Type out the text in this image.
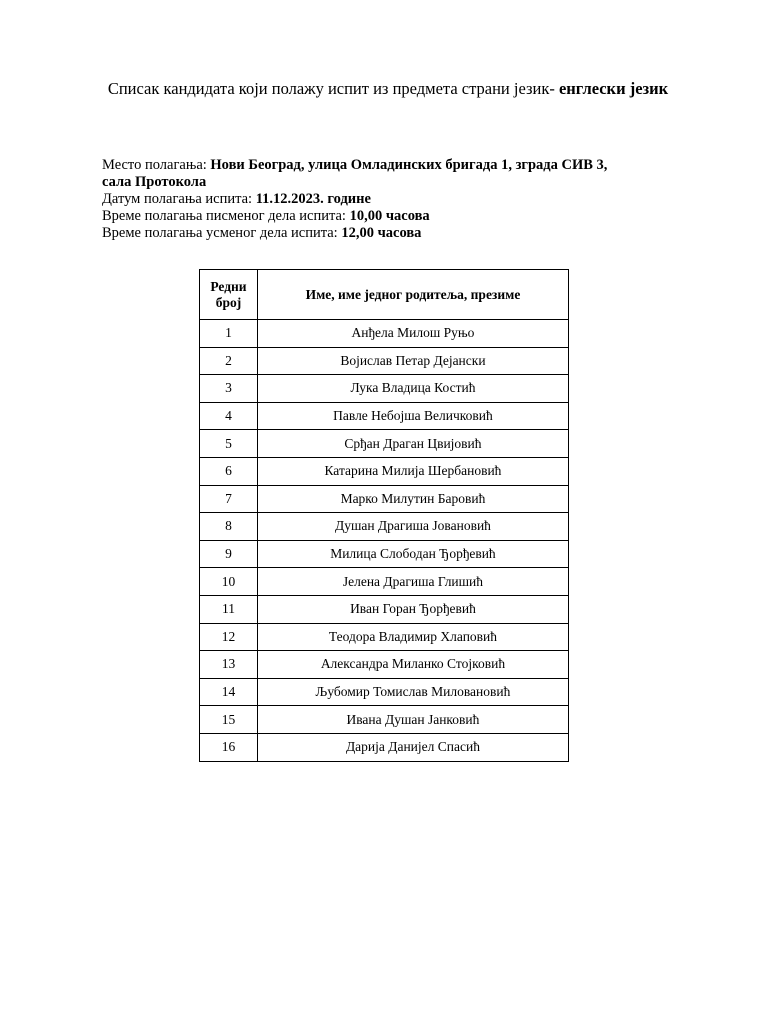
Списак кандидата који полажу испит из предмета страни језик- енглески језик
Место полагања: Нови Београд, улица Омладинских бригада 1, зграда СИВ 3,
сала Протокола
Датум полагања испита: 11.12.2023. године
Време полагања писменог дела испита: 10,00 часова
Време полагања усменог дела испита: 12,00 часова
Редни
број	Име, име једног родитеља, презиме
1	Анђела Милош Руњо
2	Војислав Петар Дејански
3	Лука Владица Костић
4	Павле Небојша Величковић
5	Срђан Драган Цвијовић
6	Катарина Милија Шербановић
7	Марко Милутин Баровић
8	Душан Драгиша Јовановић
9	Милица Слободан Ђорђевић
10	Јелена Драгиша Глишић
11	Иван Горан Ђорђевић
12	Теодора Владимир Хлаповић
13	Александра Миланко Стојковић
14	Љубомир Томислав Миловановић
15	Ивана Душан Јанковић
16	Дарија Данијел Спасић
